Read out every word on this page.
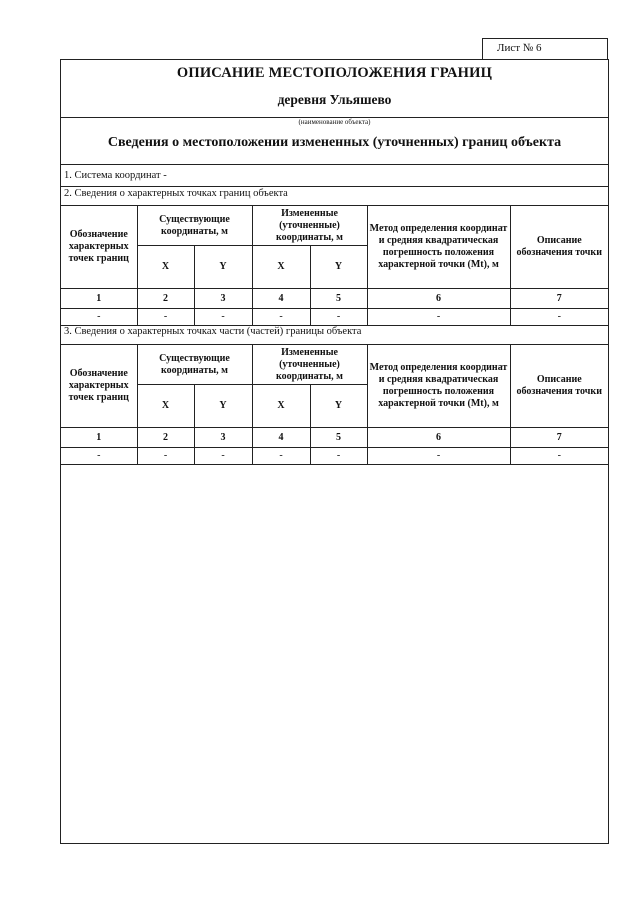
Лист № 6
ОПИСАНИЕ МЕСТОПОЛОЖЕНИЯ ГРАНИЦ
деревня Ульяшево
(наименование объекта)
Сведения о местоположении измененных (уточненных) границ объекта
1. Система координат -
2. Сведения о характерных точках границ объекта
Обозначение характерных точек границ	Существующие координаты, м		Измененные (уточненные) координаты, м		Метод определения координат и средняя квадратическая погрешность положения характерной точки (Mt), м	Описание обозначения точки
	X	Y	X	Y		
1	2	3	4	5	6	7
-	-	-	-	-	-	-
3. Сведения о характерных точках части (частей) границы объекта
Обозначение характерных точек границ	Существующие координаты, м		Измененные (уточненные) координаты, м		Метод определения координат и средняя квадратическая погрешность положения характерной точки (Mt), м	Описание обозначения точки
	X	Y	X	Y		
1	2	3	4	5	6	7
-	-	-	-	-	-	-
